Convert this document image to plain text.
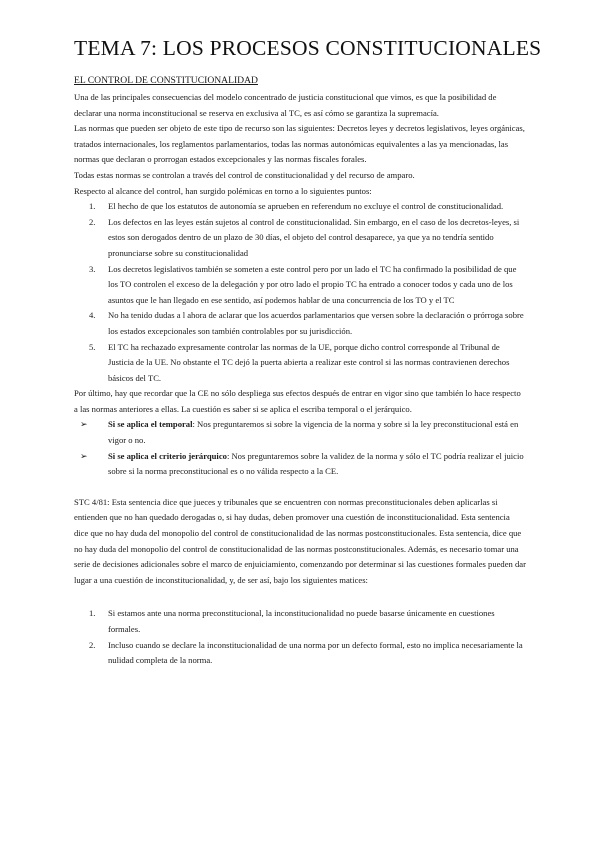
TEMA 7: LOS PROCESOS CONSTITUCIONALES
EL CONTROL DE CONSTITUCIONALIDAD

Una de las principales consecuencias del modelo concentrado de justicia constitucional que vimos, es que la posibilidad de declarar una norma inconstitucional se reserva en exclusiva al TC, es así cómo se garantiza la supremacía.

Las normas que pueden ser objeto de este tipo de recurso son las siguientes: Decretos leyes y decretos legislativos, leyes orgánicas, tratados internacionales, los reglamentos parlamentarios, todas las normas autonómicas equivalentes a las ya mencionadas, las normas que declaran o prorrogan estados excepcionales y las normas fiscales forales.

Todas estas normas se controlan a través del control de constitucionalidad y del recurso de amparo.

Respecto al alcance del control, han surgido polémicas en torno a lo siguientes puntos:

1. El hecho de que los estatutos de autonomía se aprueben en referendum no excluye el control de constitucionalidad.
2. Los defectos en las leyes están sujetos al control de constitucionalidad. Sin embargo, en el caso de los decretos-leyes, si estos son derogados dentro de un plazo de 30 días, el objeto del control desaparece, ya que ya no tendría sentido pronunciarse sobre su constitucionalidad
3. Los decretos legislativos también se someten a este control pero por un lado el TC ha confirmado la posibilidad de que los TO controlen el exceso de la delegación y por otro lado el propio TC ha entrado a conocer todos y cada uno de los asuntos que le han llegado en ese sentido, así podemos hablar de una concurrencia de los TO y el TC
4. No ha tenido dudas a l ahora de aclarar que los acuerdos parlamentarios que versen sobre la declaración o prórroga sobre los estados excepcionales son también controlables por su jurisdicción.
5. El TC ha rechazado expresamente controlar las normas de la UE, porque dicho control corresponde al Tribunal de Justicia de la UE. No obstante el TC dejó la puerta abierta a realizar este control si las normas contravienen derechos básicos del TC.

Por último, hay que recordar que la CE no sólo despliega sus efectos después de entrar en vigor sino que también lo hace respecto a las normas anteriores a ellas. La cuestión es saber si se aplica el escriba temporal o el jerárquico.

➢ Si se aplica el temporal: Nos preguntaremos si sobre la vigencia de la norma y sobre si la ley preconstitucional está en vigor o no.
➢ Si se aplica el criterio jerárquico: Nos preguntaremos sobre la validez de la norma y sólo el TC podría realizar el juicio sobre si la norma preconstitucional es o no válida respecto a la CE.

STC 4/81: Esta sentencia dice que jueces y tribunales que se encuentren con normas preconstitucionales deben aplicarlas si entienden que no han quedado derogadas o, si hay dudas, deben promover una cuestión de inconstitucionalidad. Esta sentencia dice que no hay duda del monopolio del control de constitucionalidad de las normas postconstitucionales. Esta sentencia, dice que no hay duda del monopolio del control de constitucionalidad de las normas postconstitucionales. Además, es necesario tomar una serie de decisiones adicionales sobre el marco de enjuiciamiento, comenzando por determinar si las cuestiones formales pueden dar lugar a una cuestión de inconstitucionalidad, y, de ser así, bajo los siguientes matices:

1. Si estamos ante una norma preconstitucional, la inconstitucionalidad no puede basarse únicamente en cuestiones formales.
2. Incluso cuando se declare la inconstitucionalidad de una norma por un defecto formal, esto no implica necesariamente la nulidad completa de la norma.
